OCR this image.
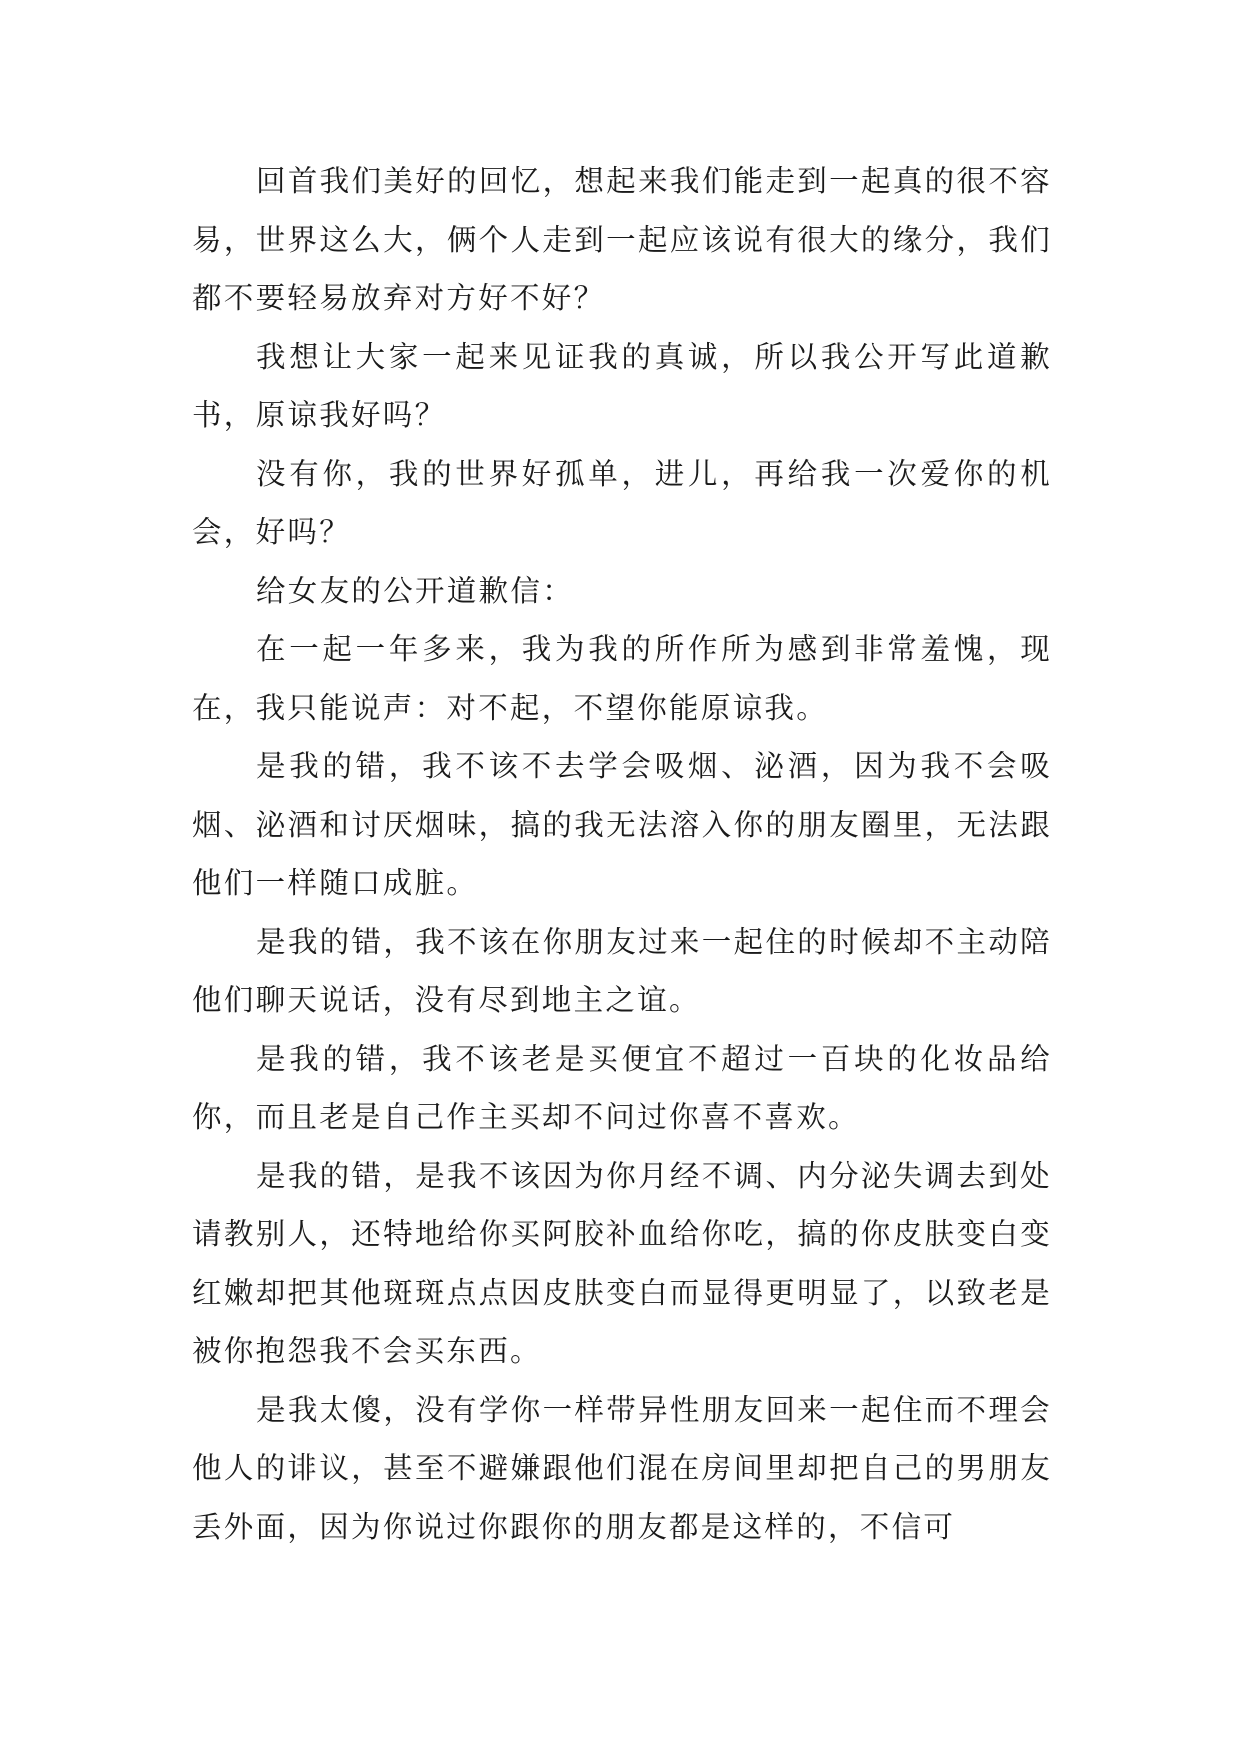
回首我们美好的回忆，想起来我们能走到一起真的很不容易，世界这么大，俩个人走到一起应该说有很大的缘分，我们都不要轻易放弃对方好不好？

我想让大家一起来见证我的真诚，所以我公开写此道歉书，原谅我好吗？

没有你，我的世界好孤单，进儿，再给我一次爱你的机会，好吗？

给女友的公开道歉信：

在一起一年多来，我为我的所作所为感到非常羞愧，现在，我只能说声：对不起，不望你能原谅我。

是我的错，我不该不去学会吸烟、泌酒，因为我不会吸烟、泌酒和讨厌烟味，搞的我无法溶入你的朋友圈里，无法跟他们一样随口成脏。

是我的错，我不该在你朋友过来一起住的时候却不主动陪他们聊天说话，没有尽到地主之谊。

是我的错，我不该老是买便宜不超过一百块的化妆品给你，而且老是自己作主买却不问过你喜不喜欢。

是我的错，是我不该因为你月经不调、内分泌失调去到处请教别人，还特地给你买阿胶补血给你吃，搞的你皮肤变白变红嫩却把其他斑斑点点因皮肤变白而显得更明显了，以致老是被你抱怨我不会买东西。

是我太傻，没有学你一样带异性朋友回来一起住而不理会他人的诽议，甚至不避嫌跟他们混在房间里却把自己的男朋友丢外面，因为你说过你跟你的朋友都是这样的，不信可
